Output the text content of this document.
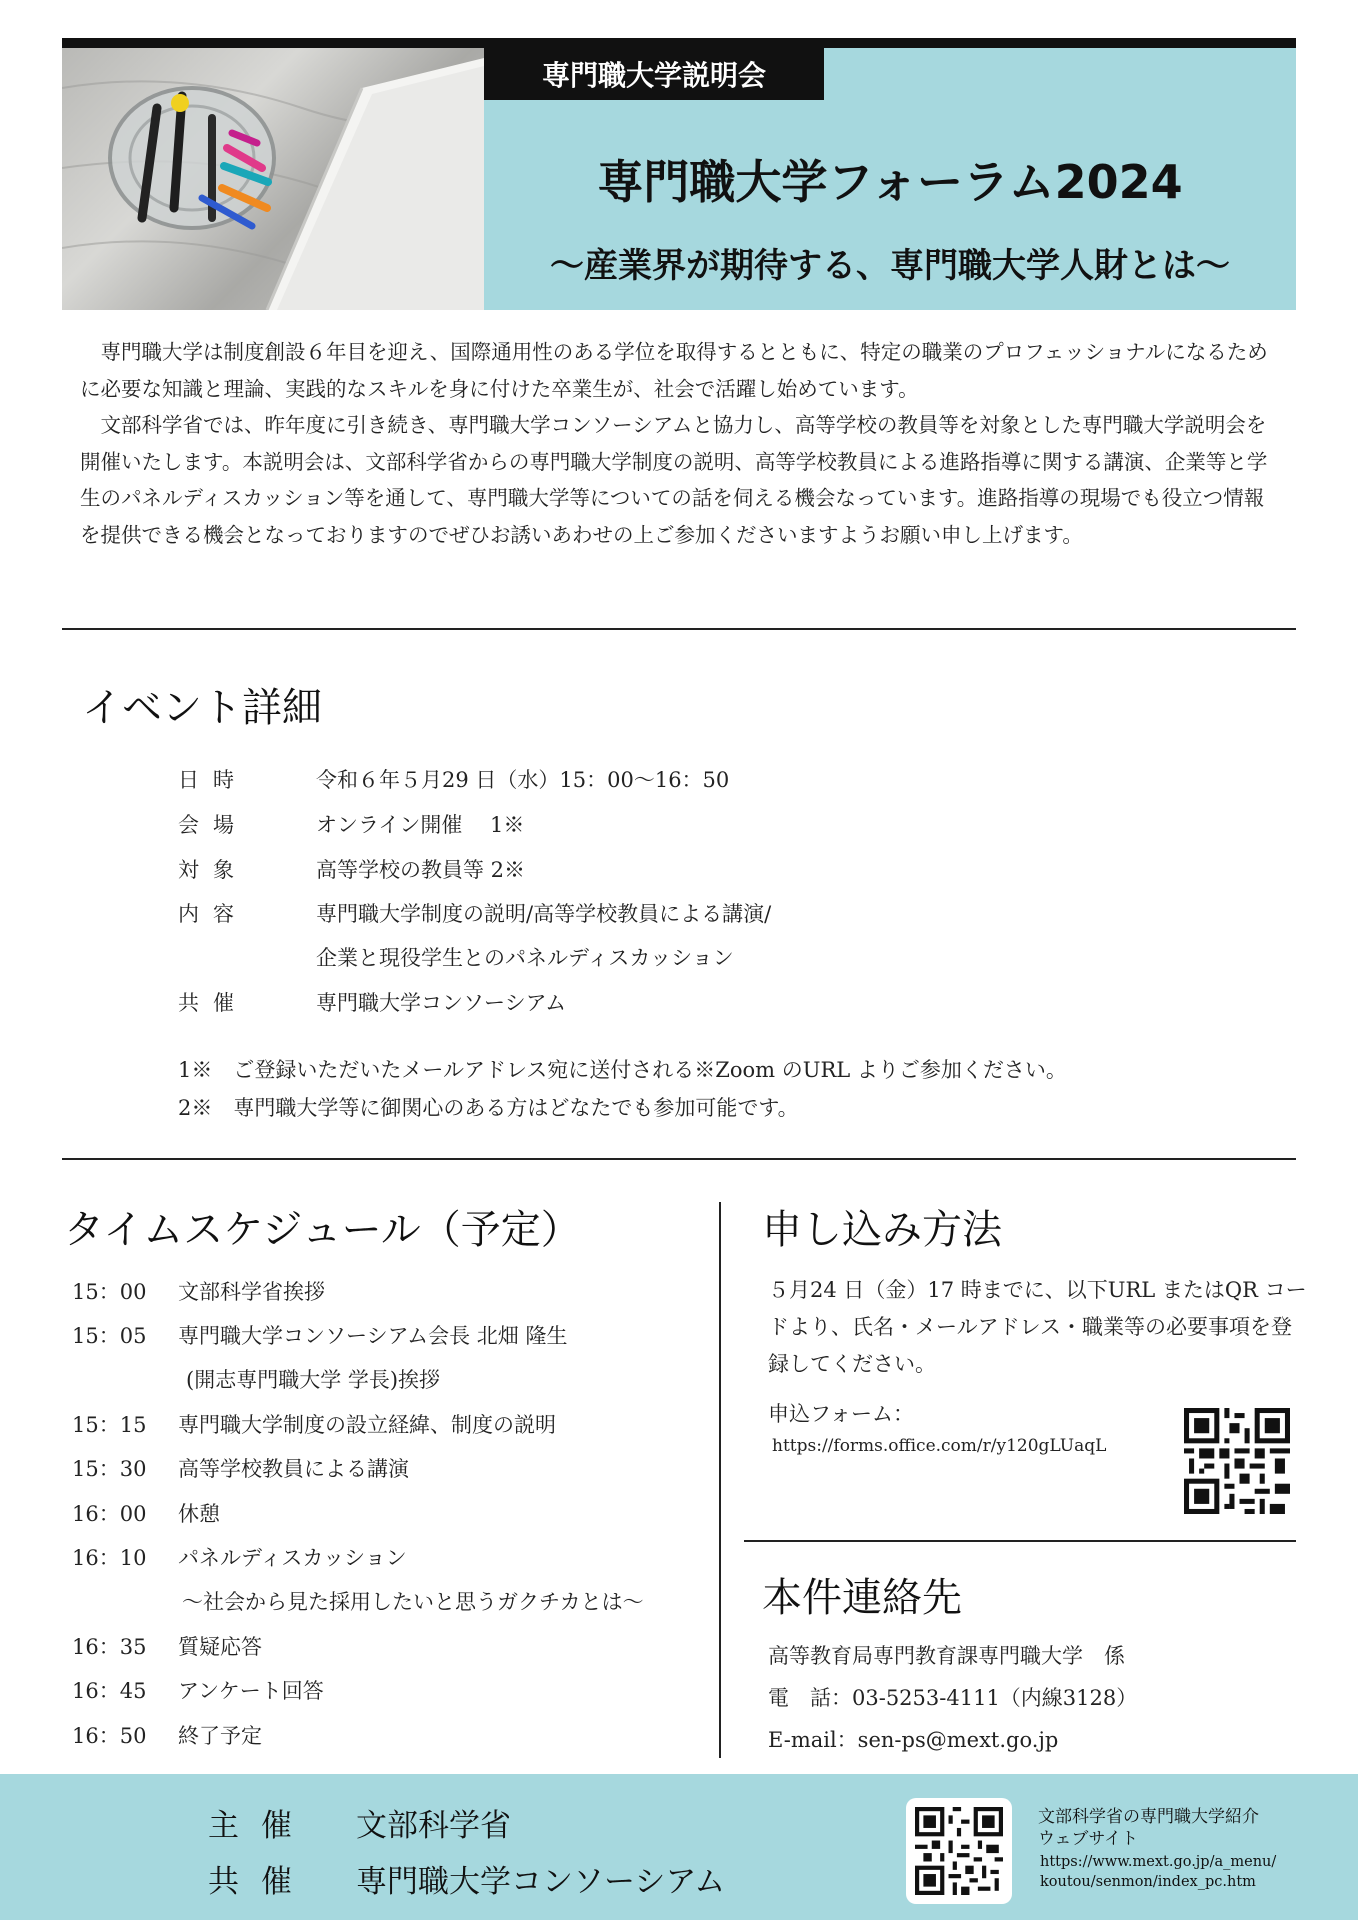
専門職大学説明会
専門職大学フォーラム2024
〜産業界が期待する、専門職大学人財とは〜

専門職大学は制度創設６年目を迎え、国際通用性のある学位を取得するとともに、特定の職業のプロフェッショナルになるために必要な知識と理論、実践的なスキルを身に付けた卒業生が、社会で活躍し始めています。

文部科学省では、昨年度に引き続き、専門職大学コンソーシアムと協力し、高等学校の教員等を対象とした専門職大学説明会を開催いたします。本説明会は、文部科学省からの専門職大学制度の説明、高等学校教員による進路指導に関する講演、企業等と学生のパネルディスカッション等を通して、専門職大学等についての話を伺える機会なっています。進路指導の現場でも役立つ情報を提供できる機会となっておりますのでぜひお誘いあわせの上ご参加くださいますようお願い申し上げます。

イベント詳細
日時	令和６年５月29 日（水）15：00〜16：50
会場	オンライン開催　 1※
対象	高等学校の教員等 2※
内容	専門職大学制度の説明/高等学校教員による講演/
企業と現役学生とのパネルディスカッション
共催	専門職大学コンソーシアム
1※　ご登録いただいたメールアドレス宛に送付される※Zoom のURL よりご参加ください。
2※　専門職大学等に御関心のある方はどなたでも参加可能です。
タイムスケジュール（予定）
15：00 文部科学省挨拶
15：05 専門職大学コンソーシアム会長 北畑 隆生
(開志専門職大学 学長)挨拶
15：15 専門職大学制度の設立経緯、制度の説明
15：30 高等学校教員による講演
16：00 休憩
16：10 パネルディスカッション
〜社会から見た採用したいと思うガクチカとは〜
16：35 質疑応答
16：45 アンケート回答
16：50 終了予定
申し込み方法
５月24 日（金）17 時までに、以下URL またはQR コードより、氏名・メールアドレス・職業等の必要事項を登録してください。
申込フォーム：
https://forms.office.com/r/y120gLUaqL
本件連絡先
高等教育局専門教育課専門職大学　係
電　話：03-5253-4111（内線3128）
E-mail：sen-ps@mext.go.jp
主催 文部科学省
共催 専門職大学コンソーシアム
文部科学省の専門職大学紹介
ウェブサイト
https://www.mext.go.jp/a_menu/
koutou/senmon/index_pc.htm
